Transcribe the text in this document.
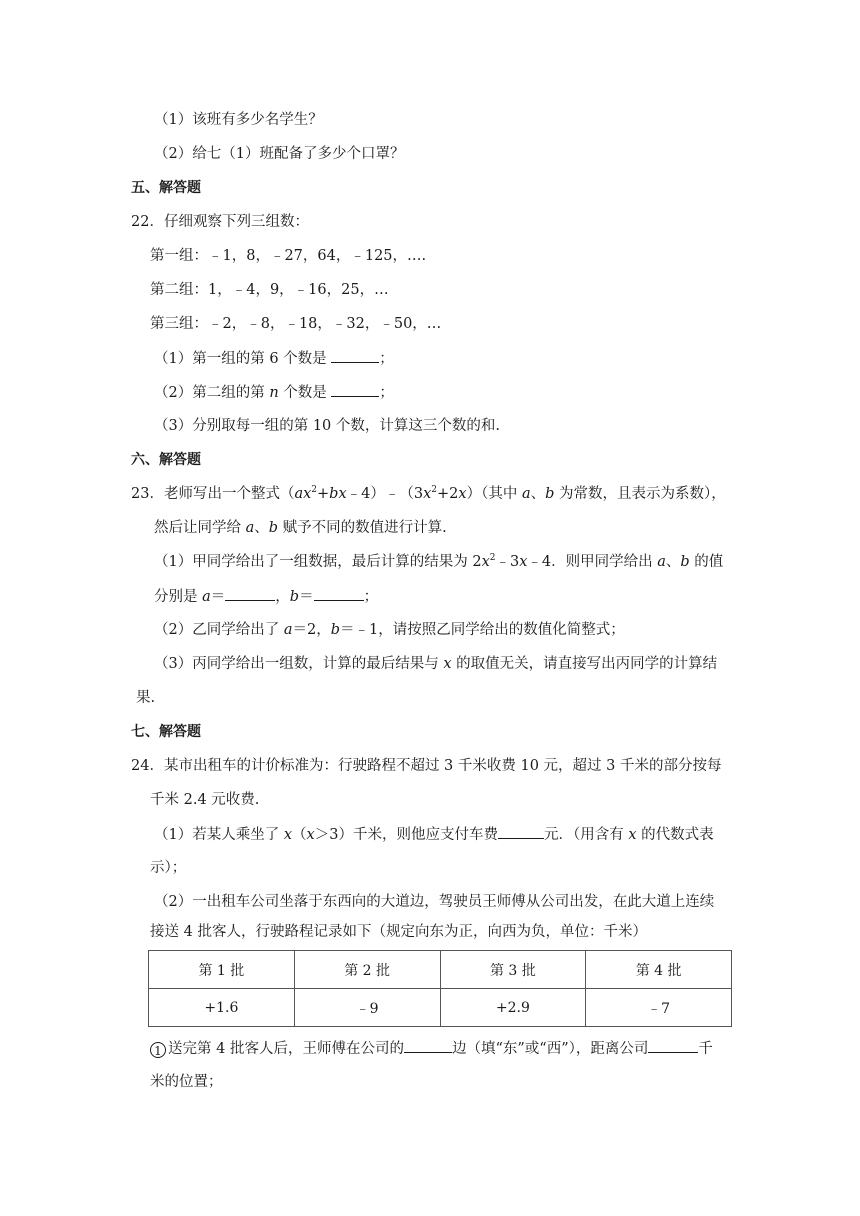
（1）该班有多少名学生？
（2）给七（1）班配备了多少个口罩？
五、解答题
22．仔细观察下列三组数：
第一组：﹣1，8，﹣27，64，﹣125，….
第二组：1，﹣4，9，﹣16，25，…
第三组：﹣2，﹣8，﹣18，﹣32，﹣50，…
（1）第一组的第 6 个数是	；
（2）第二组的第 n 个数是	；
（3）分别取每一组的第 10 个数，计算这三个数的和.
六、解答题
23．老师写出一个整式$(ax^2+bx﹣4)﹣(3x^2+2x)$（其中 a、b 为常数，且表示为系数），
然后让同学给 a、b 赋予不同的数值进行计算.
（1）甲同学给出了一组数据，最后计算的结果为 $2x^2﹣3x﹣4$．则甲同学给出 a、b 的值
分别是 a＝	，b＝	；
（2）乙同学给出了 a＝2，b＝﹣1，请按照乙同学给出的数值化简整式；
（3）丙同学给出一组数，计算的最后结果与 x 的取值无关，请直接写出丙同学的计算结
果.
七、解答题
24．某市出租车的计价标准为：行驶路程不超过 3 千米收费 10 元，超过 3 千米的部分按每
千米 2.4 元收费.
（1）若某人乘坐了 x（x＞3）千米，则他应支付车费	元．（用含有 x 的代数式表
示）；
（2）一出租车公司坐落于东西向的大道边，驾驶员王师傅从公司出发，在此大道上连续
接送 4 批客人，行驶路程记录如下（规定向东为正，向西为负，单位：千米）
第 1 批	第 2 批	第 3 批	第 4 批
+1.6	﹣9	+2.9	﹣7
1 送完第 4 批客人后，王师傅在公司的	边（填“东”或“西”），距离公司	千
米的位置；
